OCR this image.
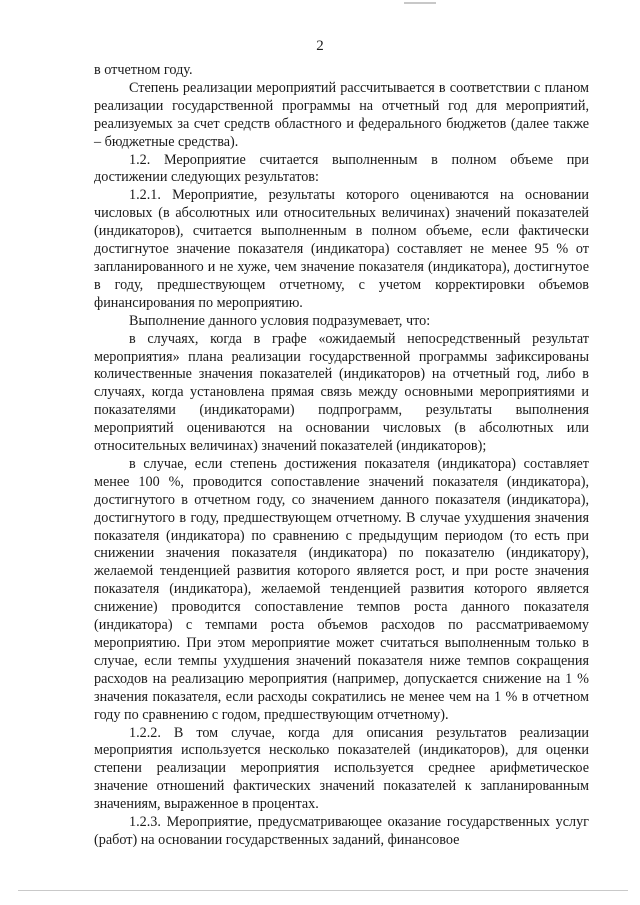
2

в отчетном году.

Степень реализации мероприятий рассчитывается в соответствии с планом реализации государственной программы на отчетный год для мероприятий, реализуемых за счет средств областного и федерального бюджетов (далее также – бюджетные средства).

1.2. Мероприятие считается выполненным в полном объеме при достижении следующих результатов:

1.2.1. Мероприятие, результаты которого оцениваются на основании числовых (в абсолютных или относительных величинах) значений показателей (индикаторов), считается выполненным в полном объеме, если фактически достигнутое значение показателя (индикатора) составляет не менее 95 % от запланированного и не хуже, чем значение показателя (индикатора), достигнутое в году, предшествующем отчетному, с учетом корректировки объемов финансирования по мероприятию.

Выполнение данного условия подразумевает, что:

в случаях, когда в графе «ожидаемый непосредственный результат мероприятия» плана реализации государственной программы зафиксированы количественные значения показателей (индикаторов) на отчетный год, либо в случаях, когда установлена прямая связь между основными мероприятиями и показателями (индикаторами) подпрограмм, результаты выполнения мероприятий оцениваются на основании числовых (в абсолютных или относительных величинах) значений показателей (индикаторов);

в случае, если степень достижения показателя (индикатора) составляет менее 100 %, проводится сопоставление значений показателя (индикатора), достигнутого в отчетном году, со значением данного показателя (индикатора), достигнутого в году, предшествующем отчетному. В случае ухудшения значения показателя (индикатора) по сравнению с предыдущим периодом (то есть при снижении значения показателя (индикатора) по показателю (индикатору), желаемой тенденцией развития которого является рост, и при росте значения показателя (индикатора), желаемой тенденцией развития которого является снижение) проводится сопоставление темпов роста данного показателя (индикатора) с темпами роста объемов расходов по рассматриваемому мероприятию. При этом мероприятие может считаться выполненным только в случае, если темпы ухудшения значений показателя ниже темпов сокращения расходов на реализацию мероприятия (например, допускается снижение на 1 % значения показателя, если расходы сократились не менее чем на 1 % в отчетном году по сравнению с годом, предшествующим отчетному).

1.2.2. В том случае, когда для описания результатов реализации мероприятия используется несколько показателей (индикаторов), для оценки степени реализации мероприятия используется среднее арифметическое значение отношений фактических значений показателей к запланированным значениям, выраженное в процентах.

1.2.3. Мероприятие, предусматривающее оказание государственных услуг (работ) на основании государственных заданий, финансовое
